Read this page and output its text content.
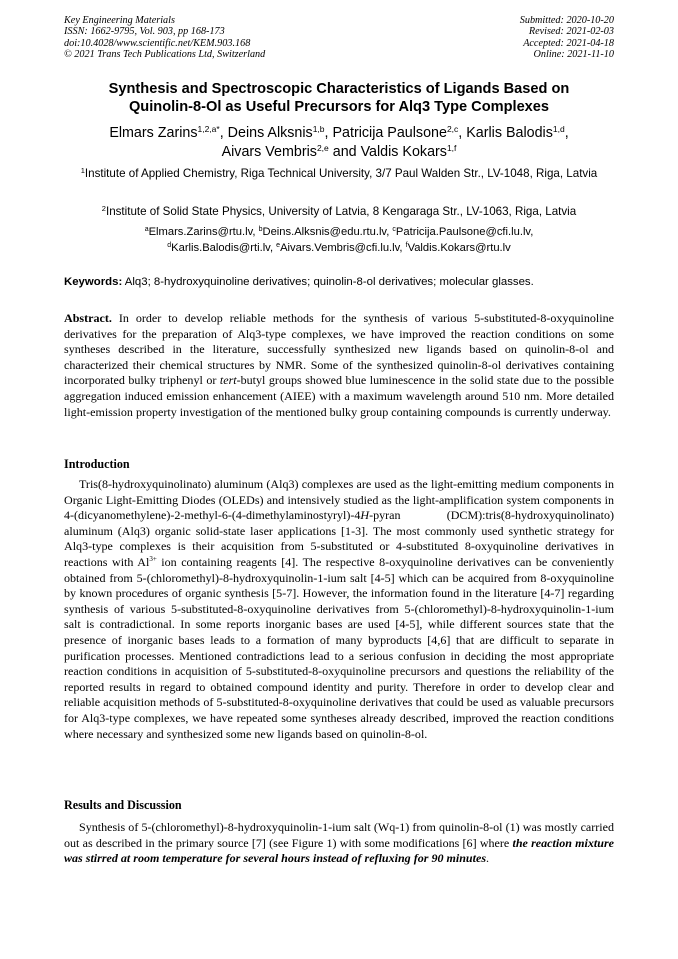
Key Engineering Materials
ISSN: 1662-9795, Vol. 903, pp 168-173
doi:10.4028/www.scientific.net/KEM.903.168
© 2021 Trans Tech Publications Ltd, Switzerland
Submitted: 2020-10-20
Revised: 2021-02-03
Accepted: 2021-04-18
Online: 2021-11-10
Synthesis and Spectroscopic Characteristics of Ligands Based on
Quinolin-8-Ol as Useful Precursors for Alq3 Type Complexes
Elmars Zarins$^{1,2,a*}$, Deins Alksnis$^{1,b}$, Patricija Paulsone$^{2,c}$, Karlis Balodis$^{1,d}$,
Aivars Vembris$^{2,e}$ and Valdis Kokars$^{1,f}$
$^1$Institute of Applied Chemistry, Riga Technical University, 3/7 Paul Walden Str., LV-1048, Riga, Latvia
$^2$Institute of Solid State Physics, University of Latvia, 8 Kengaraga Str., LV-1063, Riga, Latvia
$^a$Elmars.Zarins@rtu.lv, $^b$Deins.Alksnis@edu.rtu.lv, $^c$Patricija.Paulsone@cfi.lu.lv,
$^d$Karlis.Balodis@rti.lv, $^e$Aivars.Vembris@cfi.lu.lv, $^f$Valdis.Kokars@rtu.lv
Keywords: Alq3; 8-hydroxyquinoline derivatives; quinolin-8-ol derivatives; molecular glasses.

Abstract. In order to develop reliable methods for the synthesis of various 5-substituted-8-oxyquinoline derivatives for the preparation of Alq3-type complexes, we have improved the reaction conditions on some syntheses described in the literature, successfully synthesized new ligands based on quinolin-8-ol and characterized their chemical structures by NMR. Some of the synthesized quinolin-8-ol derivatives containing incorporated bulky triphenyl or tert-butyl groups showed blue luminescence in the solid state due to the possible aggregation induced emission enhancement (AIEE) with a maximum wavelength around 510 nm. More detailed light-emission property investigation of the mentioned bulky group containing compounds is currently underway.

Introduction

Tris(8-hydroxyquinolinato) aluminum (Alq3) complexes are used as the light-emitting medium components in Organic Light-Emitting Diodes (OLEDs) and intensively studied as the light-amplification system components in 4-(dicyanomethylene)-2-methyl-6-(4-dimethylaminostyryl)-4H-pyran (DCM):tris(8-hydroxyquinolinato) aluminum (Alq3) organic solid-state laser applications [1-3]. The most commonly used synthetic strategy for Alq3-type complexes is their acquisition from 5-substituted or 4-substituted 8-oxyquinoline derivatives in reactions with $Al^{3+}$ ion containing reagents [4]. The respective 8-oxyquinoline derivatives can be conveniently obtained from 5-(chloromethyl)-8-hydroxyquinolin-1-ium salt [4-5] which can be acquired from 8-oxyquinoline by known procedures of organic synthesis [5-7]. However, the information found in the literature [4-7] regarding synthesis of various 5-substituted-8-oxyquinoline derivatives from 5-(chloromethyl)-8-hydroxyquinolin-1-ium salt is contradictional. In some reports inorganic bases are used [4-5], while different sources state that the presence of inorganic bases leads to a formation of many byproducts [4,6] that are difficult to separate in purification processes. Mentioned contradictions lead to a serious confusion in deciding the most appropriate reaction conditions in acquisition of 5-substituted-8-oxyquinoline precursors and questions the reliability of the reported results in regard to obtained compound identity and purity. Therefore in order to develop clear and reliable acquisition methods of 5-substituted-8-oxyquinoline derivatives that could be used as valuable precursors for Alq3-type complexes, we have repeated some syntheses already described, improved the reaction conditions where necessary and synthesized some new ligands based on quinolin-8-ol.

Results and Discussion

Synthesis of 5-(chloromethyl)-8-hydroxyquinolin-1-ium salt (Wq-1) from quinolin-8-ol (1) was mostly carried out as described in the primary source [7] (see Figure 1) with some modifications [6] where the reaction mixture was stirred at room temperature for several hours instead of refluxing for 90 minutes.
